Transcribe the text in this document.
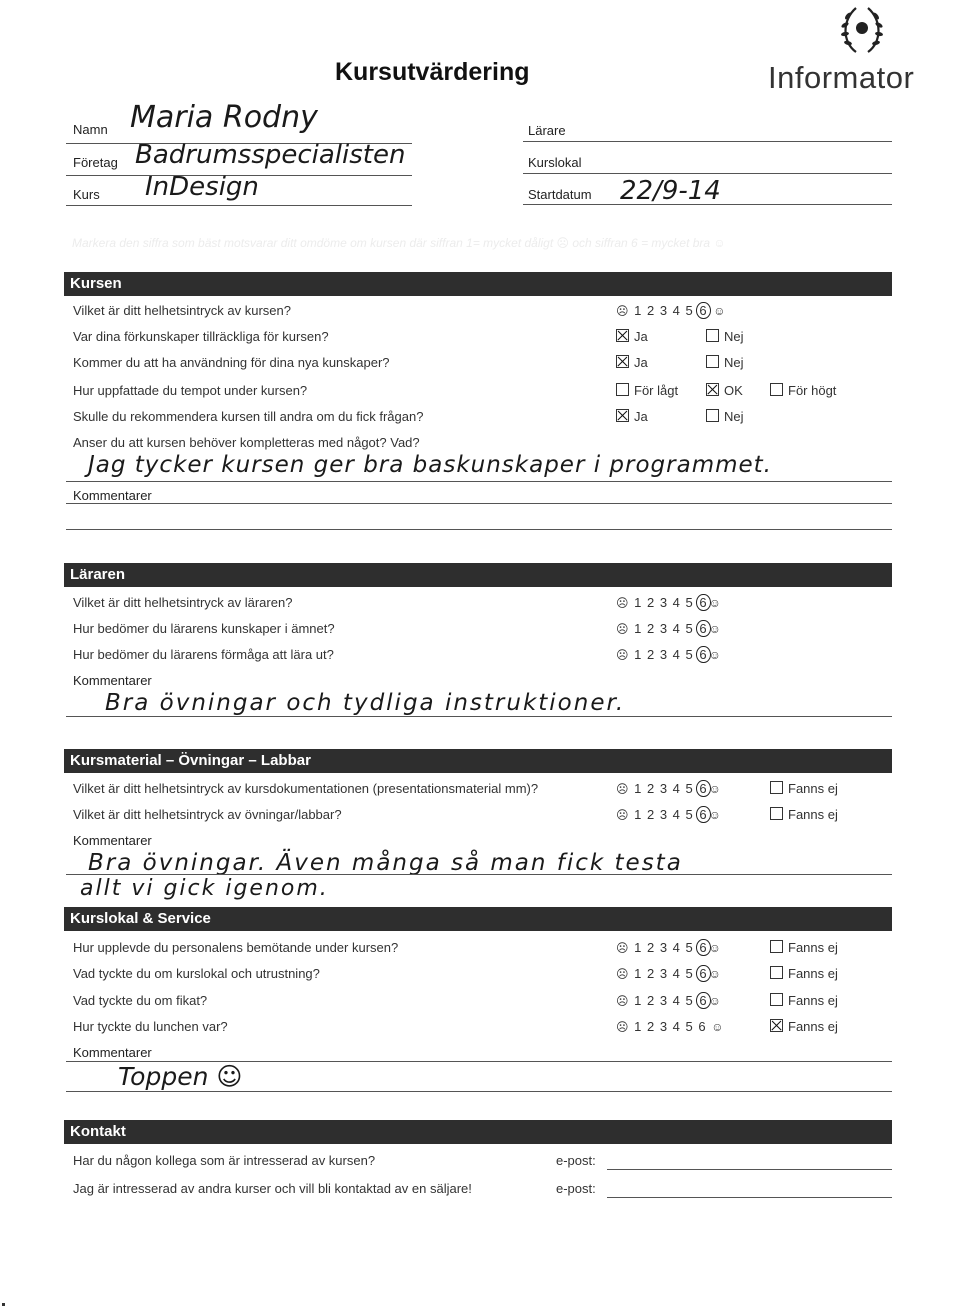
Kursutvärdering	Informator
Namn Maria Rodny
Företag Badrumsspecialisten
Kurs InDesign
Lärare
Kurslokal
Startdatum 22/9-14
Markera den siffra som bäst motsvarar ditt omdöme om kursen där siffran 1= mycket dåligt ☹ och siffran 6 = mycket bra ☺
Kursen
Vilket är ditt helhetsintryck av kursen?	☹ 1 2 3 4 5 6 ☺
Var dina förkunskaper tillräckliga för kursen?	Ja	Nej
Kommer du att ha användning för dina nya kunskaper?	Ja	Nej
Hur uppfattade du tempot under kursen?	För lågt	OK	För högt
Skulle du rekommendera kursen till andra om du fick frågan?	Ja	Nej
Anser du att kursen behöver kompletteras med något? Vad?
Jag tycker kursen ger bra baskunskaper i programmet.
Kommentarer
Läraren
Vilket är ditt helhetsintryck av läraren?	☹ 1 2 3 4 5 6☺
Hur bedömer du lärarens kunskaper i ämnet?	☹ 1 2 3 4 5 6☺
Hur bedömer du lärarens förmåga att lära ut?	☹ 1 2 3 4 5 6☺
Kommentarer
Bra övningar och tydliga instruktioner.
Kursmaterial – Övningar – Labbar
Vilket är ditt helhetsintryck av kursdokumentationen (presentationsmaterial mm)?	☹ 1 2 3 4 5 6☺	Fanns ej
Vilket är ditt helhetsintryck av övningar/labbar?	☹ 1 2 3 4 5 6☺	Fanns ej
Kommentarer
Bra övningar. Även många så man fick testa
allt vi gick igenom.
Kurslokal & Service
Hur upplevde du personalens bemötande under kursen?	☹ 1 2 3 4 5 6☺	Fanns ej
Vad tyckte du om kurslokal och utrustning?	☹ 1 2 3 4 5 6☺	Fanns ej
Vad tyckte du om fikat?	☹ 1 2 3 4 5 6☺	Fanns ej
Hur tyckte du lunchen var?	☹ 1 2 3 4 5 6 ☺	Fanns ej
Kommentarer
Toppen ☺
Kontakt
Har du någon kollega som är intresserad av kursen?	e-post:
Jag är intresserad av andra kurser och vill bli kontaktad av en säljare!	e-post:
